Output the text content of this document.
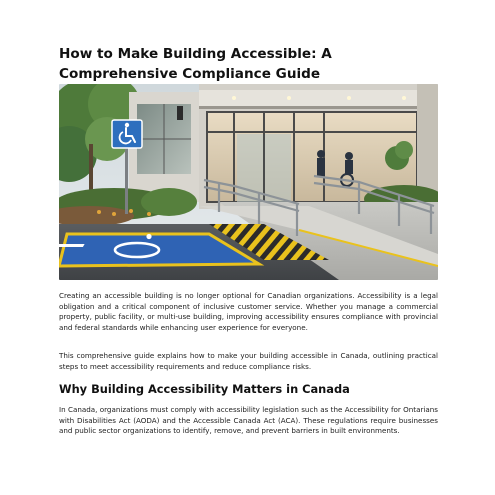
How to Make Building Accessible: A Comprehensive Compliance Guide

Creating an accessible building is no longer optional for Canadian organizations. Accessibility is a legal obligation and a critical component of inclusive customer service. Whether you manage a commercial property, public facility, or multi-use building, improving accessibility ensures compliance with provincial and federal standards while enhancing user experience for everyone.

This comprehensive guide explains how to make your building accessible in Canada, outlining practical steps to meet accessibility requirements and reduce compliance risks.

Why Building Accessibility Matters in Canada

In Canada, organizations must comply with accessibility legislation such as the Accessibility for Ontarians with Disabilities Act (AODA) and the Accessible Canada Act (ACA). These regulations require businesses and public sector organizations to identify, remove, and prevent barriers in built environments.
